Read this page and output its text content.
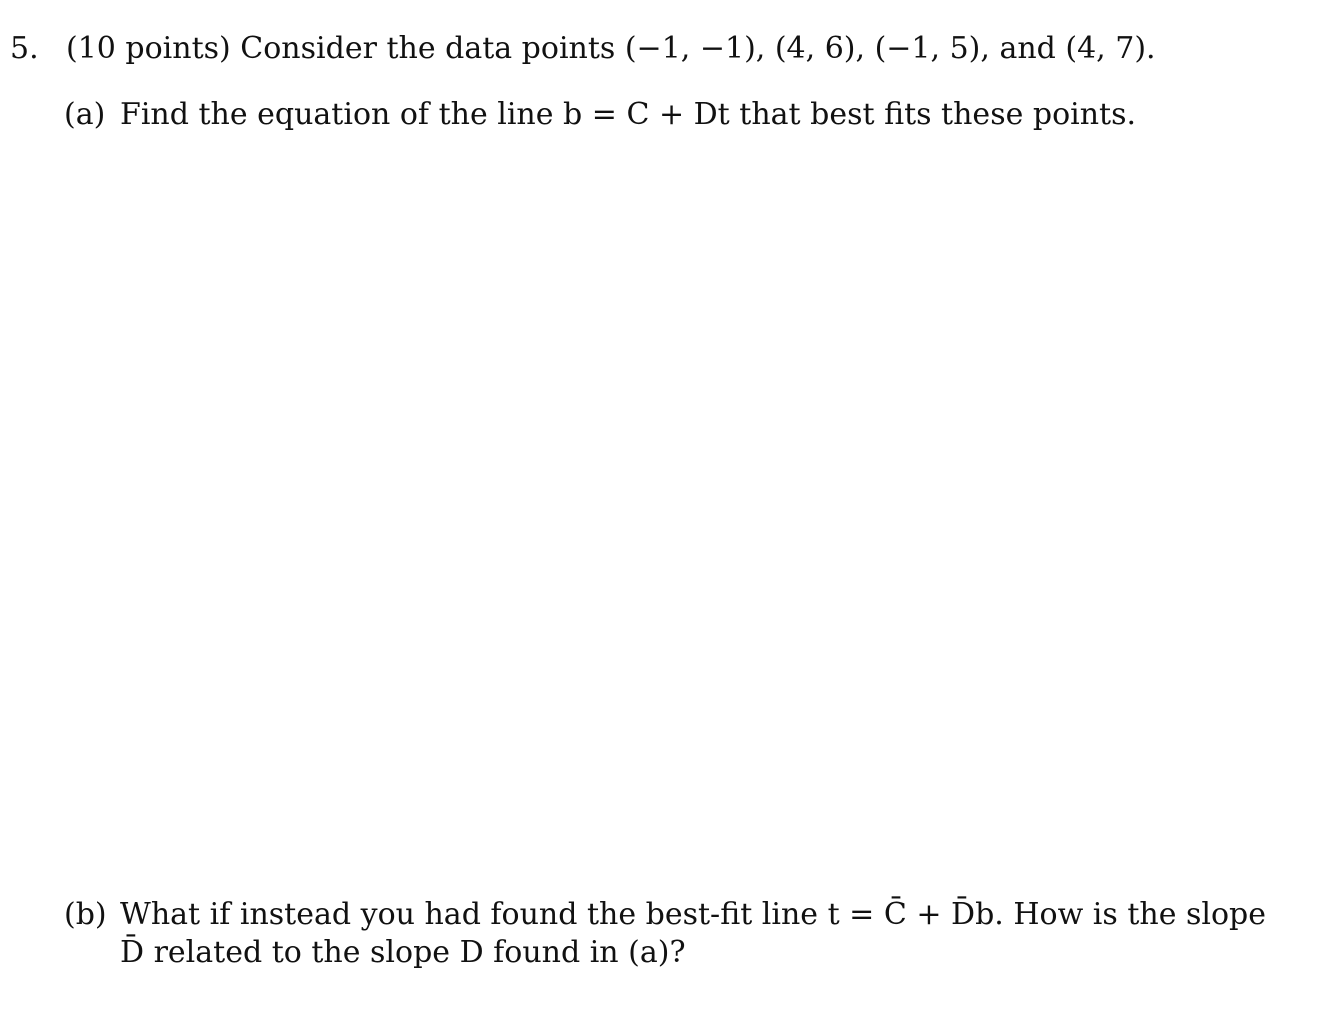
5. (10 points) Consider the data points (−1, −1), (4, 6), (−1, 5), and (4, 7).
(a) Find the equation of the line b = C + Dt that best fits these points.
(b) What if instead you had found the best-fit line t = C̄ + D̄b. How is the slope D̄ related to the slope D found in (a)?
